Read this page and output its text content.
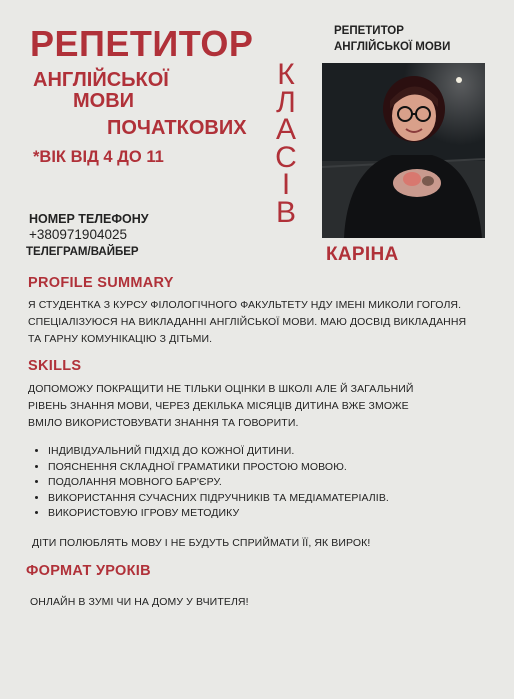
РЕПЕТИТОР
АНГЛІЙСЬКОЇ
МОВИ
ПОЧАТКОВИХ
*ВІК ВІД 4 ДО 11
К
Л
А
С
І
В
НОМЕР ТЕЛЕФОНУ
+380971904025
ТЕЛЕГРАМ/ВАЙБЕР
РЕПЕТИТОР
АНГЛІЙСЬКОЇ МОВИ
КАРІНА
PROFILE SUMMARY
Я СТУДЕНТКА З КУРСУ ФІЛОЛОГІЧНОГО ФАКУЛЬТЕТУ НДУ ІМЕНІ МИКОЛИ ГОГОЛЯ. СПЕЦІАЛІЗУЮСЯ НА ВИКЛАДАННІ АНГЛІЙСЬКОЇ МОВИ. МАЮ ДОСВІД ВИКЛАДАННЯ ТА ГАРНУ КОМУНІКАЦІЮ З ДІТЬМИ.
SKILLS
ДОПОМОЖУ ПОКРАЩИТИ НЕ ТІЛЬКИ ОЦІНКИ В ШКОЛІ АЛЕ Й ЗАГАЛЬНИЙ РІВЕНЬ ЗНАННЯ МОВИ, ЧЕРЕЗ ДЕКІЛЬКА МІСЯЦІВ ДИТИНА ВЖЕ ЗМОЖЕ ВМІЛО ВИКОРИСТОВУВАТИ ЗНАННЯ ТА ГОВОРИТИ.
• ІНДИВІДУАЛЬНИЙ ПІДХІД ДО КОЖНОЇ ДИТИНИ.
• ПОЯСНЕННЯ СКЛАДНОЇ ГРАМАТИКИ ПРОСТОЮ МОВОЮ.
• ПОДОЛАННЯ МОВНОГО БАР'ЄРУ.
• ВИКОРИСТАННЯ СУЧАСНИХ ПІДРУЧНИКІВ ТА МЕДІАМАТЕРІАЛІВ.
• ВИКОРИСТОВУЮ ІГРОВУ МЕТОДИКУ
ДІТИ ПОЛЮБЛЯТЬ МОВУ І НЕ БУДУТЬ СПРИЙМАТИ ЇЇ, ЯК ВИРОК!
ФОРМАТ УРОКІВ
ОНЛАЙН В ЗУМІ ЧИ НА ДОМУ У ВЧИТЕЛЯ!
